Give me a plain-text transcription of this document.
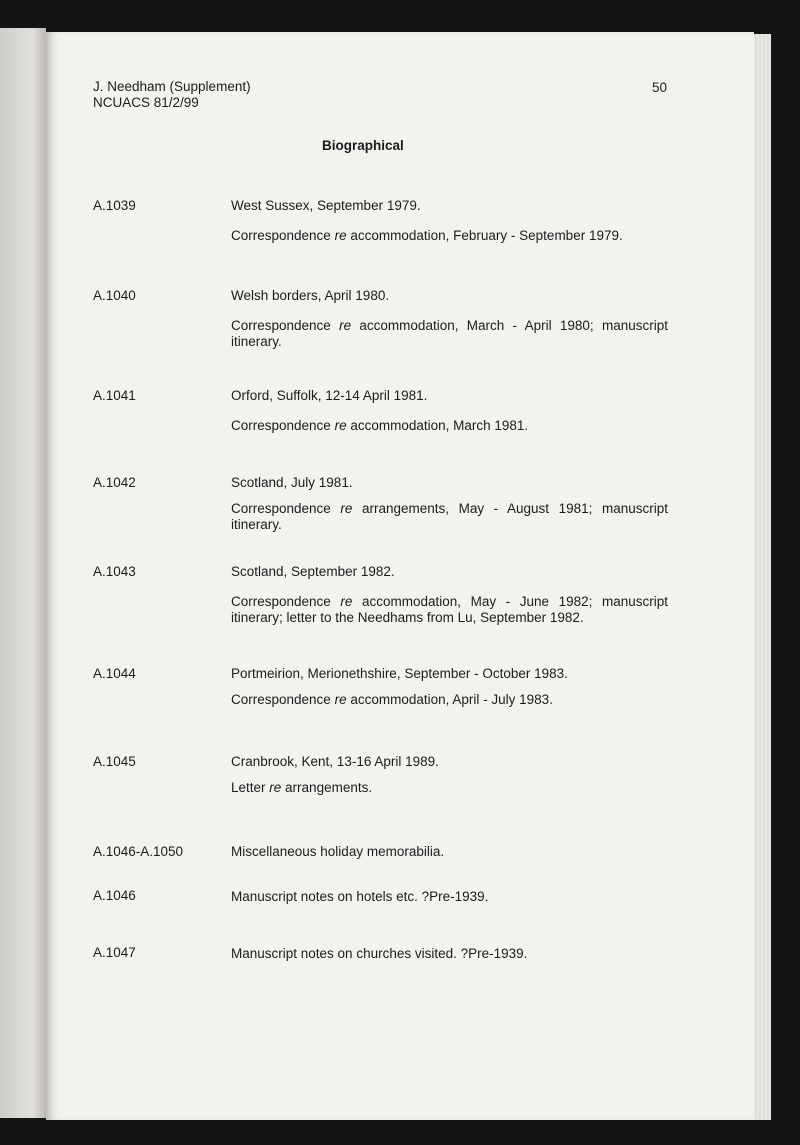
J. Needham (Supplement)
NCUACS 81/2/99
50
Biographical
A.1039	West Sussex, September 1979.

Correspondence re accommodation, February - September 1979.

A.1040	Welsh borders, April 1980.

Correspondence re accommodation, March - April 1980; manuscript itinerary.

A.1041	Orford, Suffolk, 12-14 April 1981.

Correspondence re accommodation, March 1981.

A.1042	Scotland, July 1981.

Correspondence re arrangements, May - August 1981; manuscript itinerary.

A.1043	Scotland, September 1982.

Correspondence re accommodation, May - June 1982; manuscript itinerary; letter to the Needhams from Lu, September 1982.

A.1044	Portmeirion, Merionethshire, September - October 1983.

Correspondence re accommodation, April - July 1983.

A.1045	Cranbrook, Kent, 13-16 April 1989.

Letter re arrangements.

A.1046-A.1050	Miscellaneous holiday memorabilia.
A.1046	Manuscript notes on hotels etc. ?Pre-1939.
A.1047	Manuscript notes on churches visited. ?Pre-1939.
